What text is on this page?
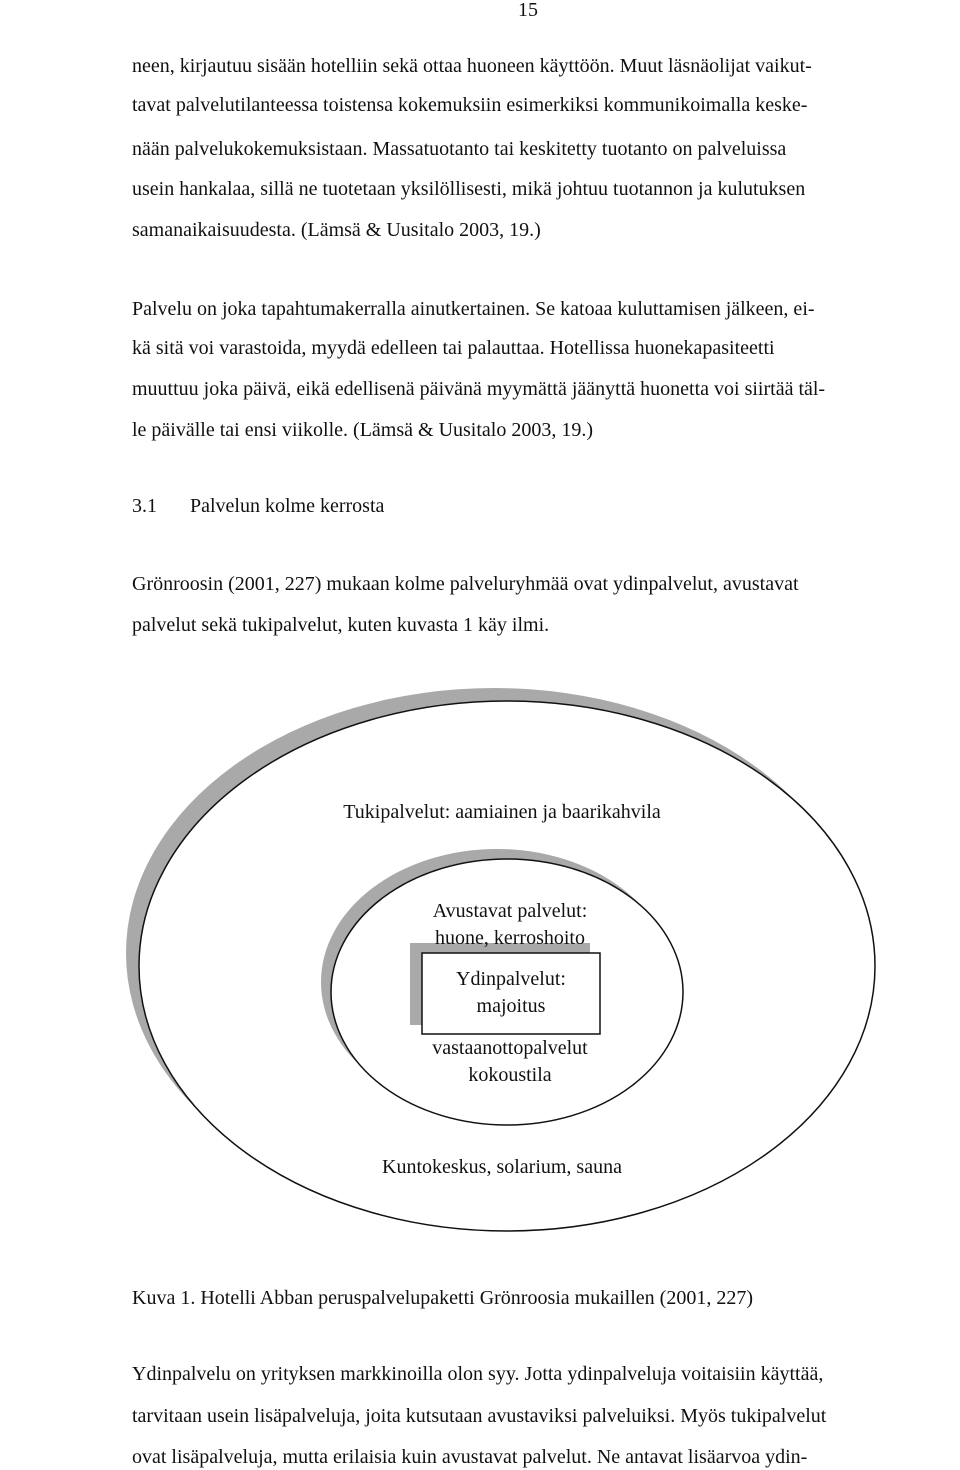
15
neen, kirjautuu sisään hotelliin sekä ottaa huoneen käyttöön. Muut läsnäolijat vaikut-
tavat palvelutilanteessa toistensa kokemuksiin esimerkiksi kommunikoimalla keske-
nään palvelukokemuksistaan. Massatuotanto tai keskitetty tuotanto on palveluissa
usein hankalaa, sillä ne tuotetaan yksilöllisesti, mikä johtuu tuotannon ja kulutuksen
samanaikaisuudesta. (Lämsä & Uusitalo 2003, 19.)
Palvelu on joka tapahtumakerralla ainutkertainen. Se katoaa kuluttamisen jälkeen, ei-
kä sitä voi varastoida, myydä edelleen tai palauttaa. Hotellissa huonekapasiteetti
muuttuu joka päivä, eikä edellisenä päivänä myymättä jäänyttä huonetta voi siirtää täl-
le päivälle tai ensi viikolle. (Lämsä & Uusitalo 2003, 19.)
3.1 Palvelun kolme kerrosta
Grönroosin (2001, 227) mukaan kolme palveluryhmää ovat ydinpalvelut, avustavat
palvelut sekä tukipalvelut, kuten kuvasta 1 käy ilmi.
Tukipalvelut: aamiainen ja baarikahvila
Avustavat palvelut:
huone, kerroshoito
Ydinpalvelut:
majoitus
vastaanottopalvelut
kokoustila
Kuntokeskus, solarium, sauna
Kuva 1. Hotelli Abban peruspalvelupaketti Grönroosia mukaillen (2001, 227)
Ydinpalvelu on yrityksen markkinoilla olon syy. Jotta ydinpalveluja voitaisiin käyttää,
tarvitaan usein lisäpalveluja, joita kutsutaan avustaviksi palveluiksi. Myös tukipalvelut
ovat lisäpalveluja, mutta erilaisia kuin avustavat palvelut. Ne antavat lisäarvoa ydin-
